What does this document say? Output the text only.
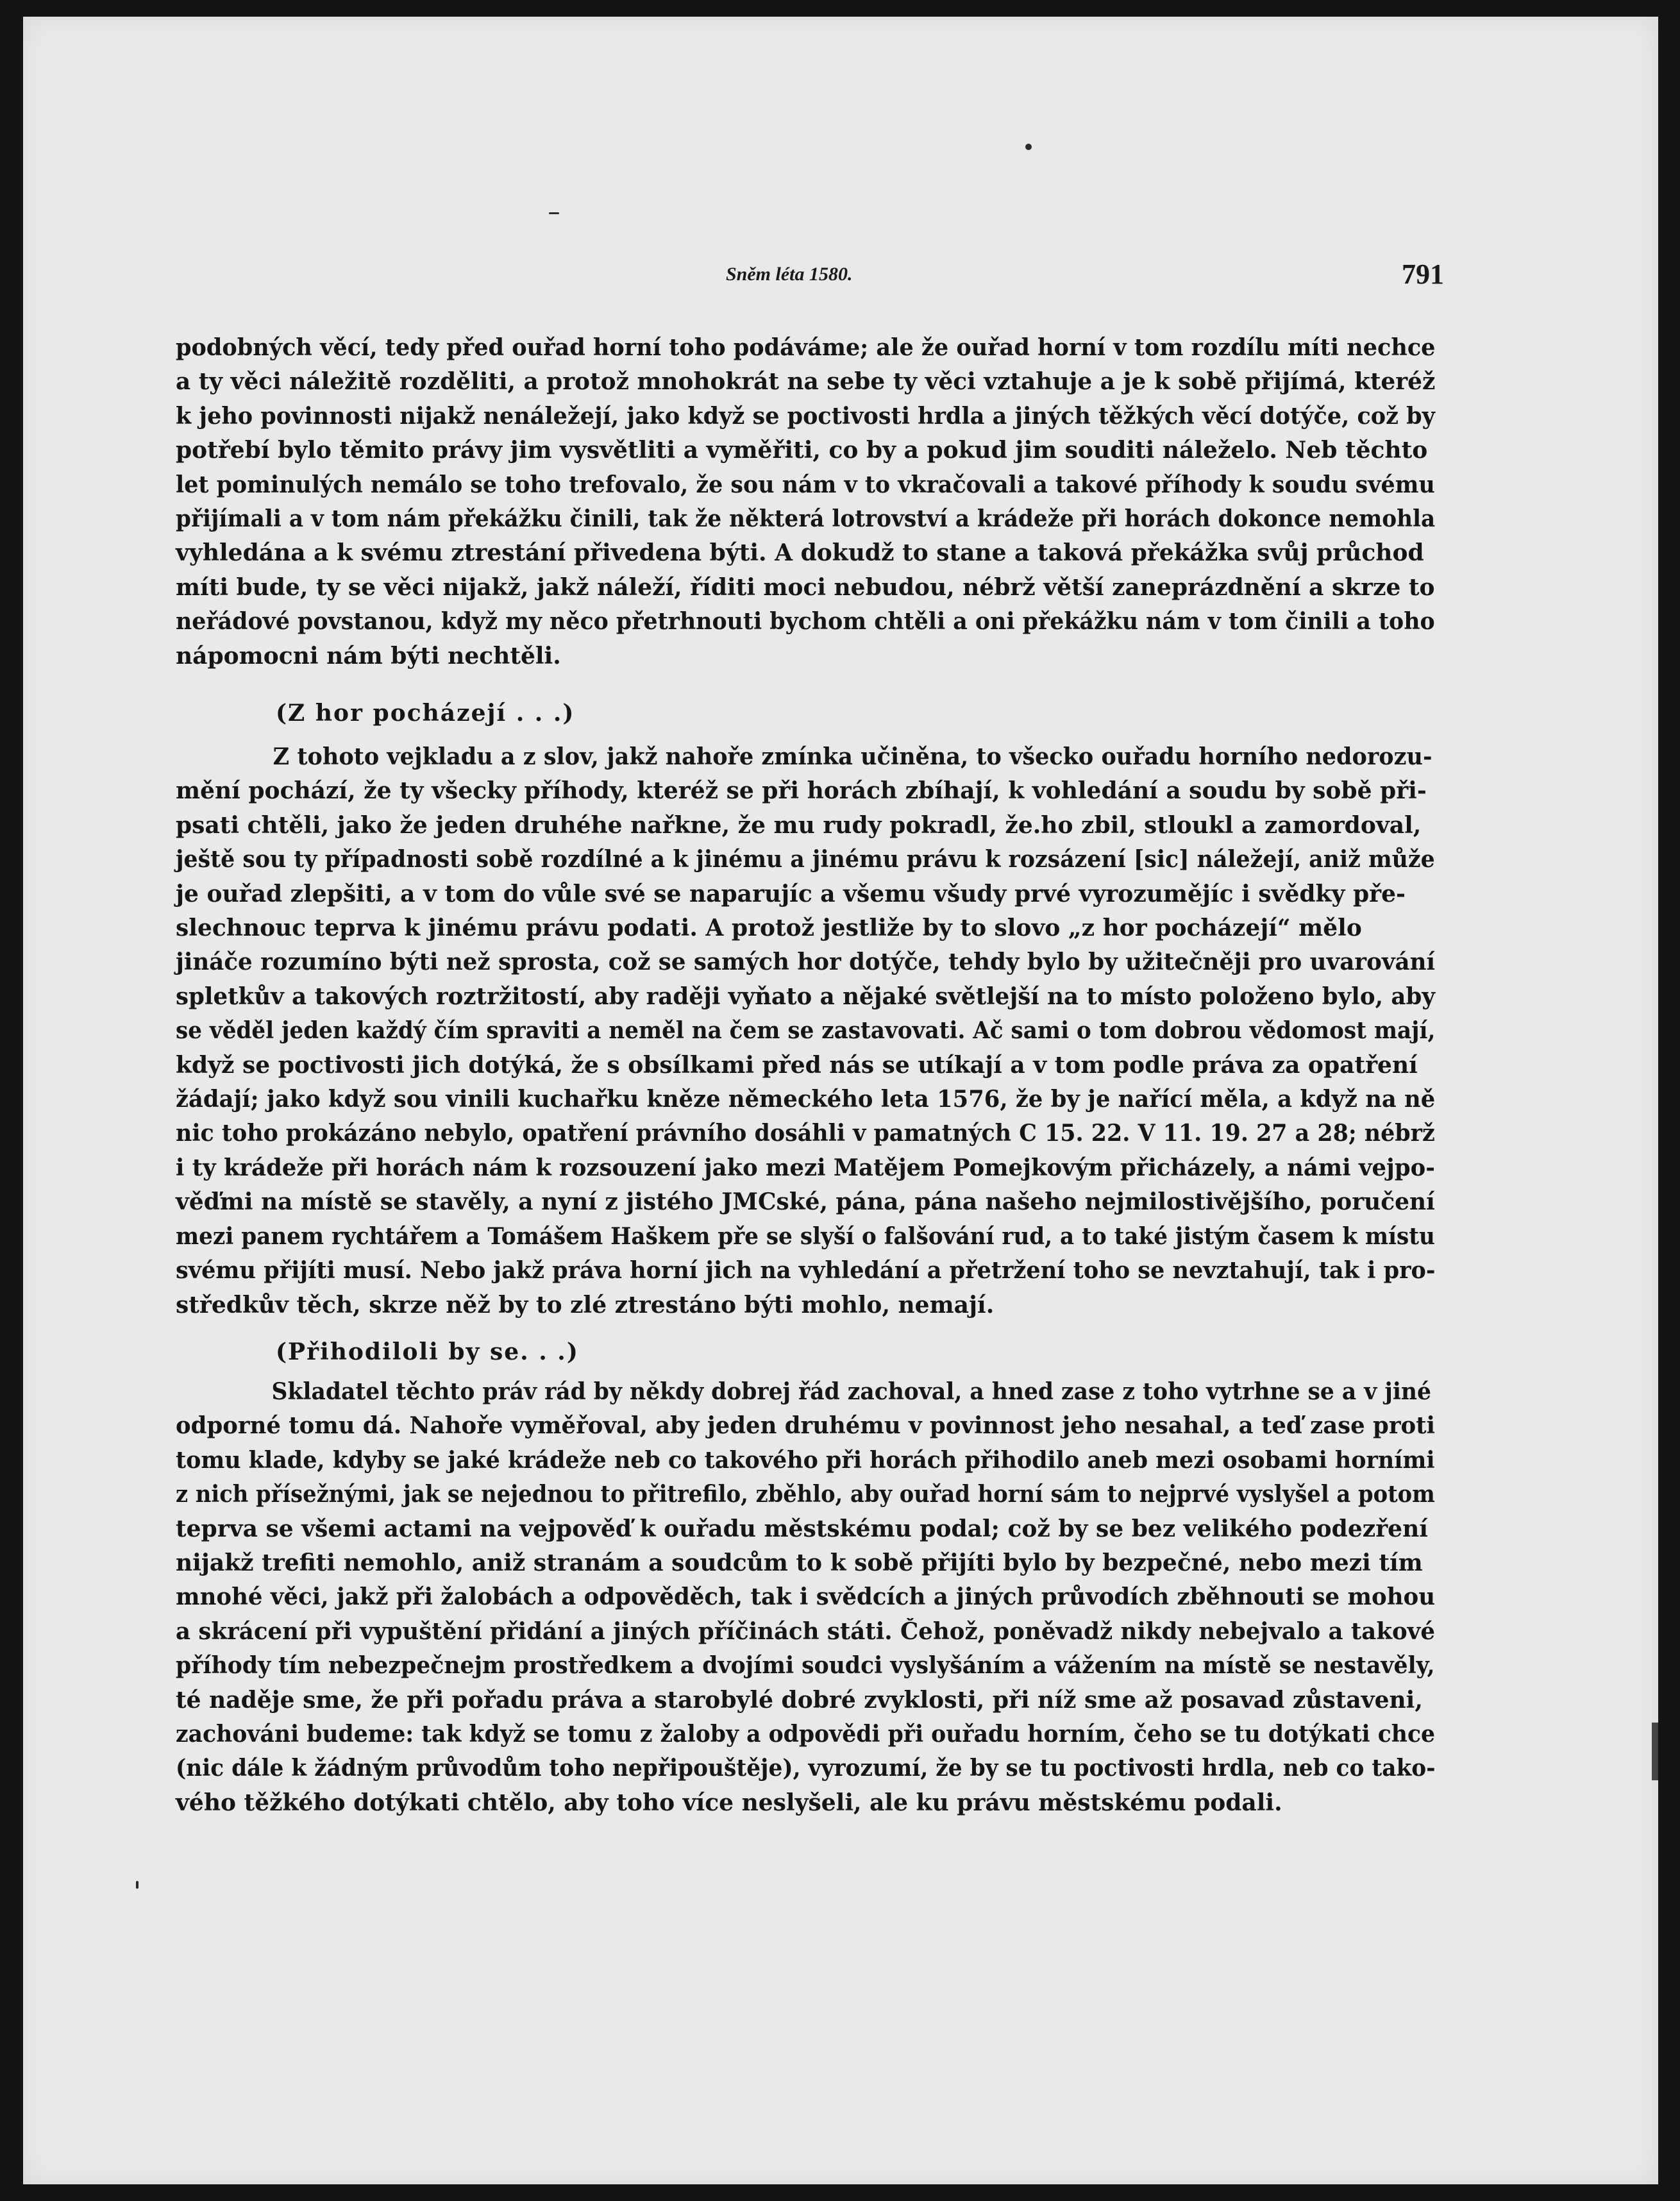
Sněm léta 1580.	791
podobných věcí, tedy před ouřad horní toho podáváme; ale že ouřad horní v tom rozdílu míti nechce
a ty věci náležitě rozděliti, a protož mnohokrát na sebe ty věci vztahuje a je k sobě přijímá, kteréž
k jeho povinnosti nijakž nenáležejí, jako když se poctivosti hrdla a jiných těžkých věcí dotýče, což by
potřebí bylo těmito právy jim vysvětliti a vyměřiti, co by a pokud jim souditi náleželo. Neb těchto
let pominulých nemálo se toho trefovalo, že sou nám v to vkračovali a takové příhody k soudu svému
přijímali a v tom nám překážku činili, tak že některá lotrovství a krádeže při horách dokonce nemohla
vyhledána a k svému ztrestání přivedena býti. A dokudž to stane a taková překážka svůj průchod
míti bude, ty se věci nijakž, jakž náleží, říditi moci nebudou, nébrž větší zaneprázdnění a skrze to
neřádové povstanou, když my něco přetrhnouti bychom chtěli a oni překážku nám v tom činili a toho
nápomocni nám býti nechtěli.
(Z hor pocházejí . . .)
Z tohoto vejkladu a z slov, jakž nahoře zmínka učiněna, to všecko ouřadu horního nedorozu-
mění pochází, že ty všecky příhody, kteréž se při horách zbíhají, k vohledání a soudu by sobě při-
psati chtěli, jako že jeden druhéhe nařkne, že mu rudy pokradl, že.ho zbil, stloukl a zamordoval,
ještě sou ty případnosti sobě rozdílné a k jinému a jinému právu k rozsázení [sic] náležejí, aniž může
je ouřad zlepšiti, a v tom do vůle své se naparujíc a všemu všudy prvé vyrozumějíc i svědky pře-
slechnouc teprva k jinému právu podati. A protož jestliže by to slovo „z hor pocházejí“ mělo
jináče rozumíno býti než sprosta, což se samých hor dotýče, tehdy bylo by užitečněji pro uvarování
spletkův a takových roztržitostí, aby raději vyňato a nějaké světlejší na to místo položeno bylo, aby
se věděl jeden každý čím spraviti a neměl na čem se zastavovati. Ač sami o tom dobrou vědomost mají,
když se poctivosti jich dotýká, že s obsílkami před nás se utíkají a v tom podle práva za opatření
žádají; jako když sou vinili kuchařku kněze německého leta 1576, že by je nařící měla, a když na ně
nic toho prokázáno nebylo, opatření právního dosáhli v pamatných C 15. 22. V 11. 19. 27 a 28; nébrž
i ty krádeže při horách nám k rozsouzení jako mezi Matějem Pomejkovým přicházely, a námi vejpo-
věďmi na místě se stavěly, a nyní z jistého JMCské, pána, pána našeho nejmilostivějšího, poručení
mezi panem rychtářem a Tomášem Haškem pře se slyší o falšování rud, a to také jistým časem k místu
svému přijíti musí. Nebo jakž práva horní jich na vyhledání a přetržení toho se nevztahují, tak i pro-
středkův těch, skrze něž by to zlé ztrestáno býti mohlo, nemají.
(Přihodiloli by se. . .)
Skladatel těchto práv rád by někdy dobrej řád zachoval, a hned zase z toho vytrhne se a v jiné
odporné tomu dá. Nahoře vyměřoval, aby jeden druhému v povinnost jeho nesahal, a teď zase proti
tomu klade, kdyby se jaké krádeže neb co takového při horách přihodilo aneb mezi osobami horními
z nich přísežnými, jak se nejednou to přitrefilo, zběhlo, aby ouřad horní sám to nejprvé vyslyšel a potom
teprva se všemi actami na vejpověď k ouřadu městskému podal; což by se bez velikého podezření
nijakž trefiti nemohlo, aniž stranám a soudcům to k sobě přijíti bylo by bezpečné, nebo mezi tím
mnohé věci, jakž při žalobách a odpověděch, tak i svědcích a jiných průvodích zběhnouti se mohou
a skrácení při vypuštění přidání a jiných příčinách státi. Čehož, poněvadž nikdy nebejvalo a takové
příhody tím nebezpečnejm prostředkem a dvojími soudci vyslyšáním a vážením na místě se nestavěly,
té naděje sme, že při pořadu práva a starobylé dobré zvyklosti, při níž sme až posavad zůstaveni,
zachováni budeme: tak když se tomu z žaloby a odpovědi při ouřadu horním, čeho se tu dotýkati chce
(nic dále k žádným průvodům toho nepřipouštěje), vyrozumí, že by se tu poctivosti hrdla, neb co tako-
vého těžkého dotýkati chtělo, aby toho více neslyšeli, ale ku právu městskému podali.
